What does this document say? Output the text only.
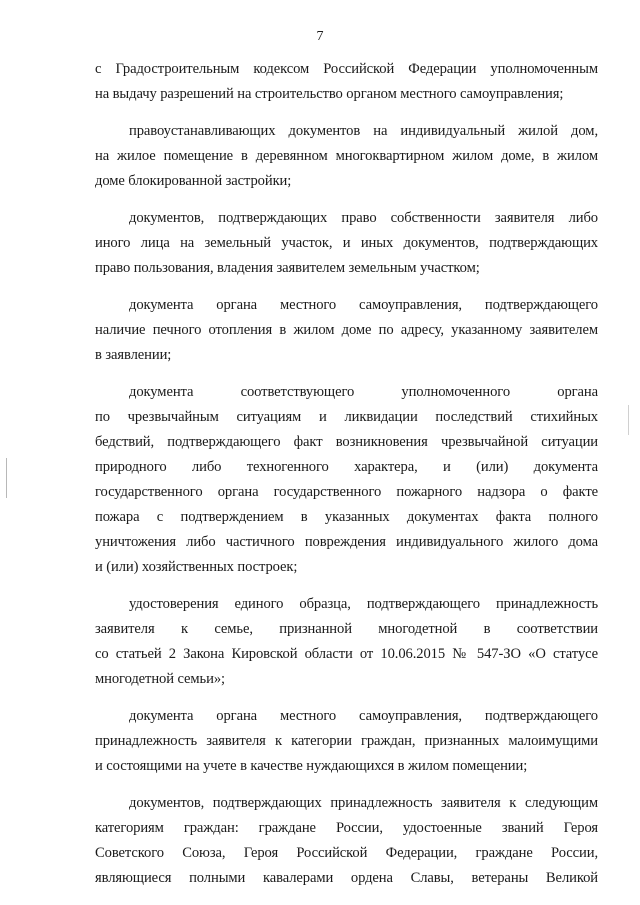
7
с Градостроительным кодексом Российской Федерации уполномоченным
на выдачу разрешений на строительство органом местного самоуправления;
правоустанавливающих документов на индивидуальный жилой дом,
на жилое помещение в деревянном многоквартирном жилом доме, в жилом
доме блокированной застройки;
документов, подтверждающих право собственности заявителя либо
иного лица на земельный участок, и иных документов, подтверждающих
право пользования, владения заявителем земельным участком;
документа органа местного самоуправления, подтверждающего
наличие печного отопления в жилом доме по адресу, указанному заявителем
в заявлении;
документа соответствующего уполномоченного органа
по чрезвычайным ситуациям и ликвидации последствий стихийных
бедствий, подтверждающего факт возникновения чрезвычайной ситуации
природного либо техногенного характера, и (или) документа
государственного органа государственного пожарного надзора о факте
пожара с подтверждением в указанных документах факта полного
уничтожения либо частичного повреждения индивидуального жилого дома
и (или) хозяйственных построек;
удостоверения единого образца, подтверждающего принадлежность
заявителя к семье, признанной многодетной в соответствии
со статьей 2 Закона Кировской области от 10.06.2015 № 547-ЗО «О статусе
многодетной семьи»;
документа органа местного самоуправления, подтверждающего
принадлежность заявителя к категории граждан, признанных малоимущими
и состоящими на учете в качестве нуждающихся в жилом помещении;
документов, подтверждающих принадлежность заявителя к следующим
категориям граждан: граждане России, удостоенные званий Героя
Советского Союза, Героя Российской Федерации, граждане России,
являющиеся полными кавалерами ордена Славы, ветераны Великой
